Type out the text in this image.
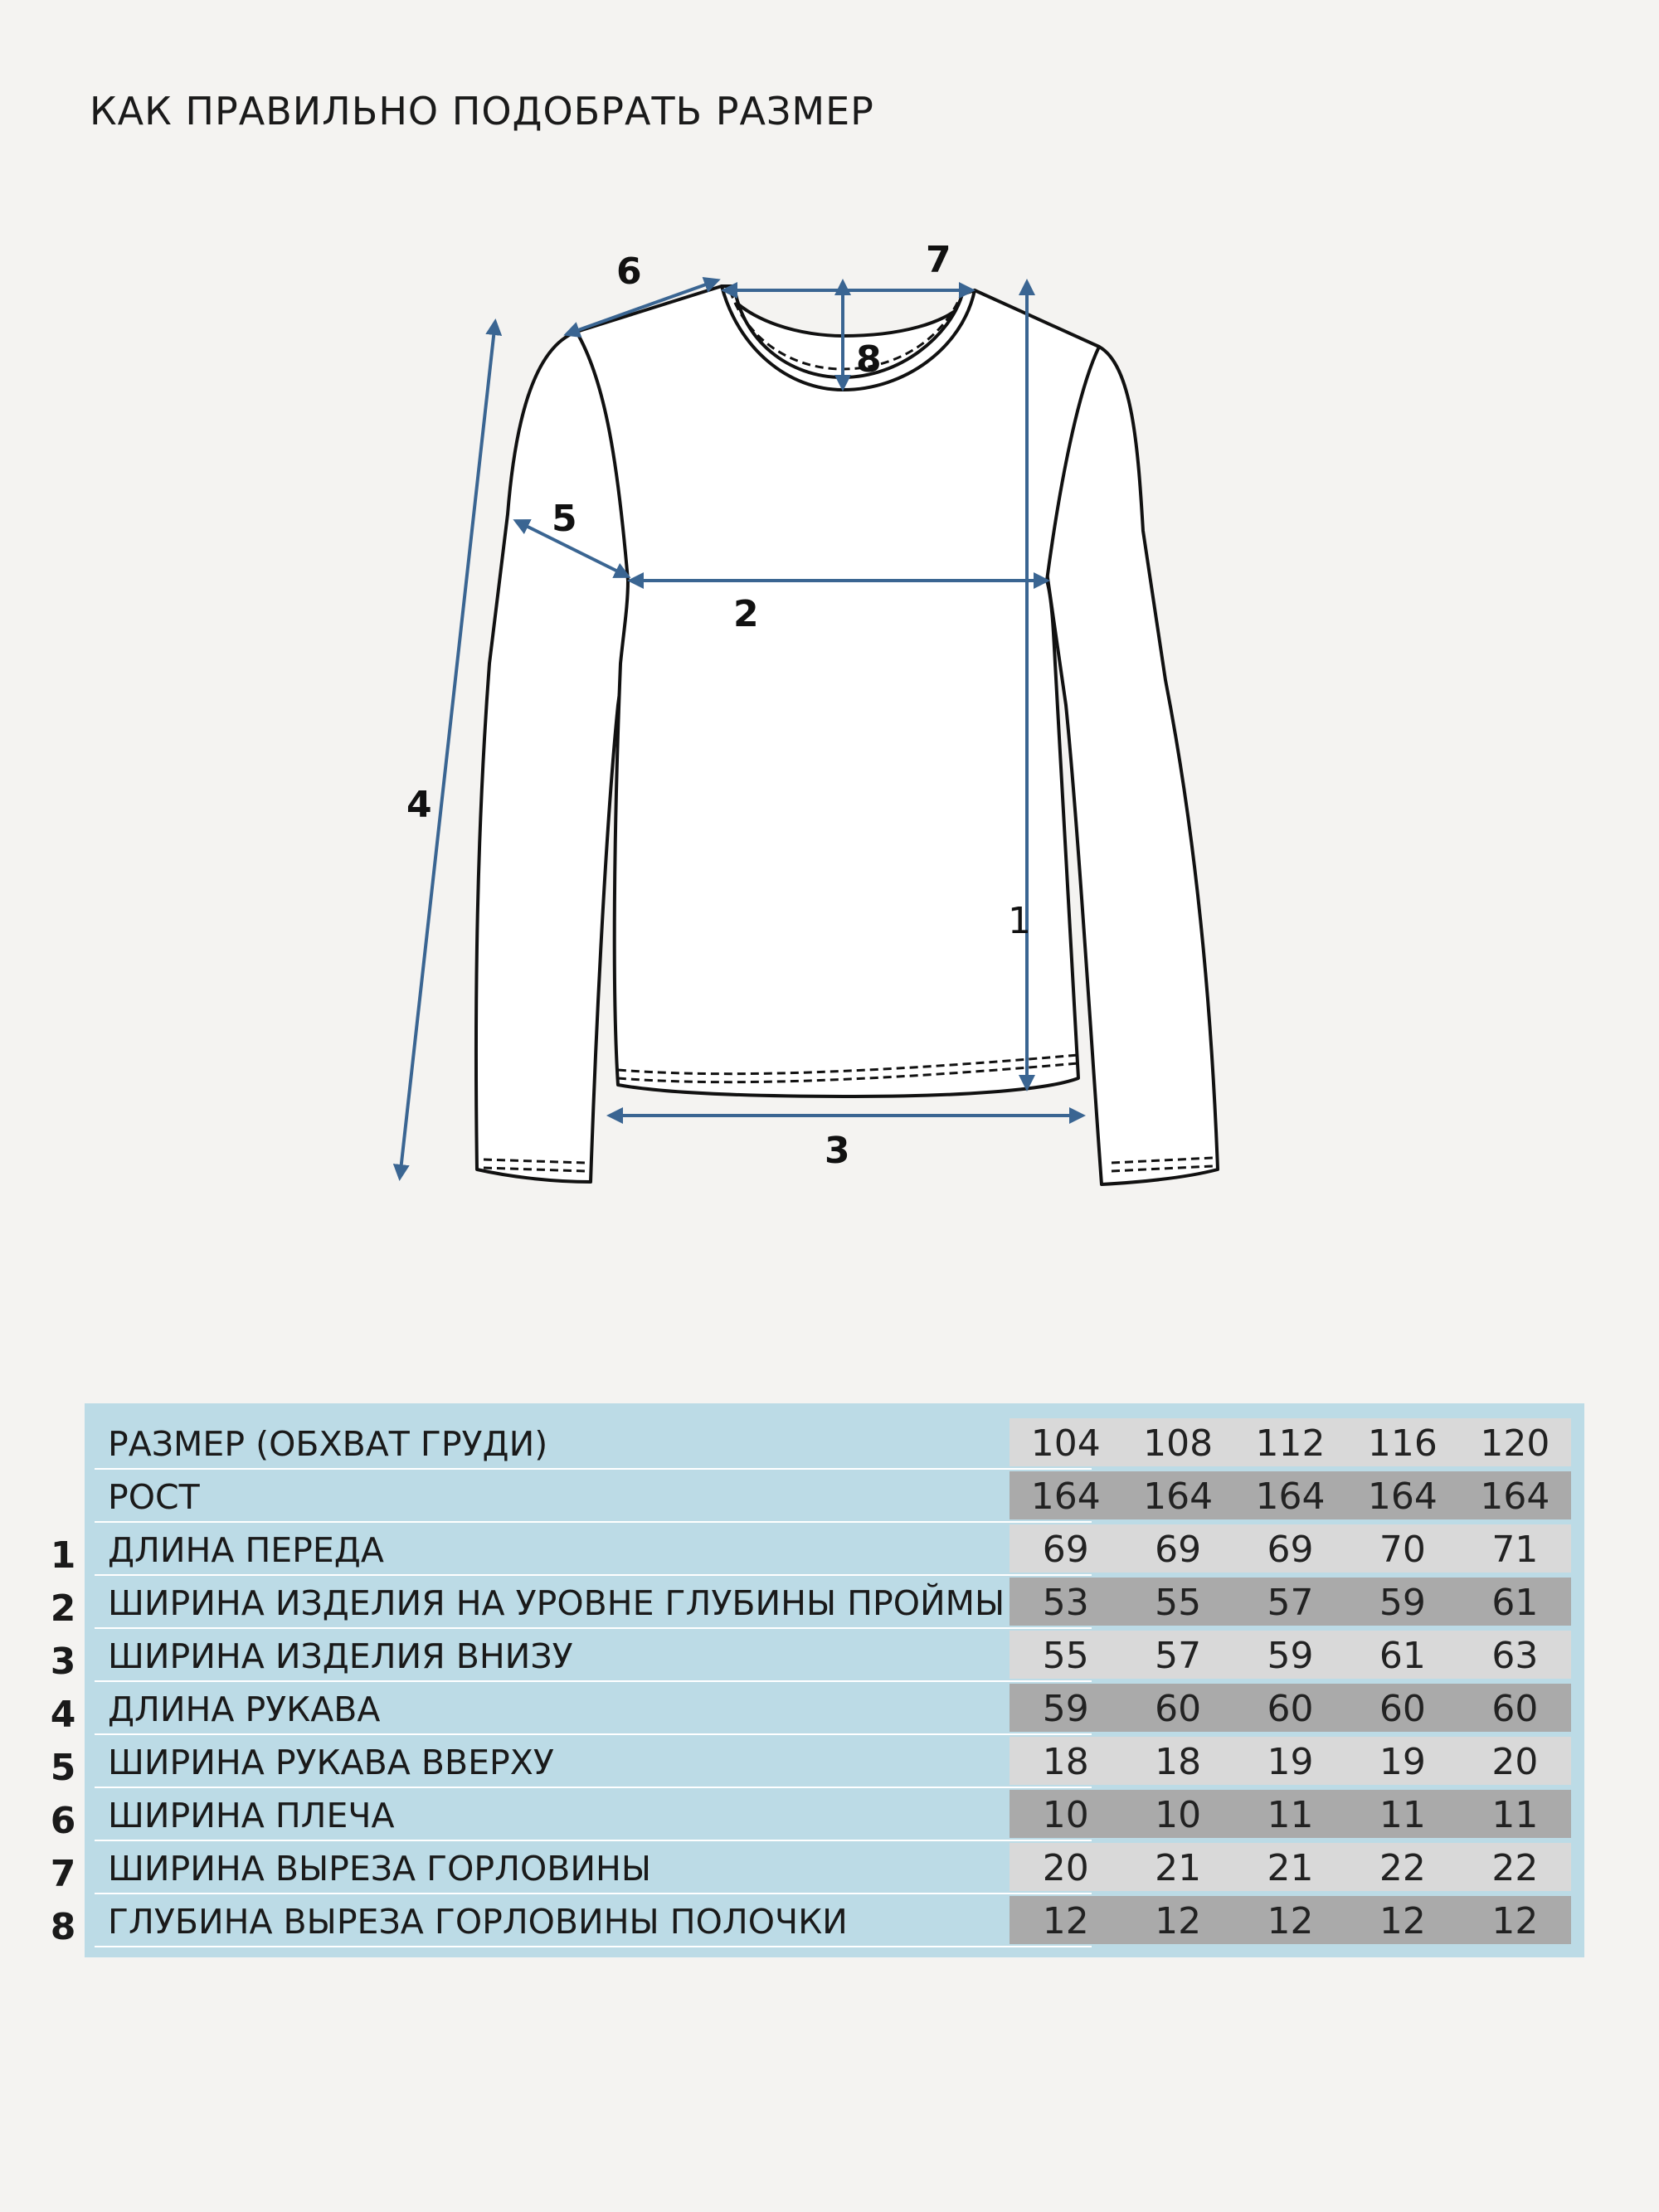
КАК ПРАВИЛЬНО ПОДОБРАТЬ РАЗМЕР
1
2
3
4
5
6	7
8
РАЗМЕР (ОБХВАТ ГРУДИ)	104	108	112	116	120
РОСТ	164	164	164	164	164
ДЛИНА ПЕРЕДА	69	69	69	70	71
ШИРИНА ИЗДЕЛИЯ НА УРОВНЕ ГЛУБИНЫ ПРОЙМЫ	53	55	57	59	61
ШИРИНА ИЗДЕЛИЯ ВНИЗУ	55	57	59	61	63
ДЛИНА РУКАВА	59	60	60	60	60
ШИРИНА РУКАВА ВВЕРХУ	18	18	19	19	20
ШИРИНА ПЛЕЧА	10	10	11	11	11
ШИРИНА ВЫРЕЗА ГОРЛОВИНЫ	20	21	21	22	22
ГЛУБИНА ВЫРЕЗА ГОРЛОВИНЫ ПОЛОЧКИ	12	12	12	12	12
1
2
3
4
5
6
7
8
